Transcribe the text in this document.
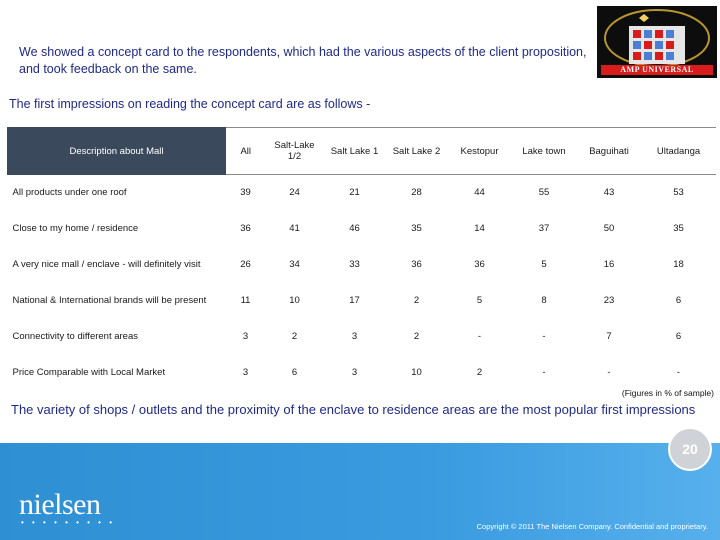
We showed a concept card to the respondents, which had the various aspects of the client proposition, and took feedback on the same.	AMP UNIVERSAL
The first impressions on reading the concept card are as follows -
Description about Mall	All	Salt-Lake 1/2	Salt Lake 1	Salt Lake 2	Kestopur	Lake town	Baguihati	Ultadanga
All products under one roof	39	24	21	28	44	55	43	53
Close to my home / residence	36	41	46	35	14	37	50	35
A very nice mall / enclave - will definitely visit	26	34	33	36	36	5	16	18
National & International brands will be present	11	10	17	2	5	8	23	6
Connectivity to different areas	3	2	3	2	-	-	7	6
Price Comparable with Local Market	3	6	3	10	2	-	-	-
(Figures in % of sample)
The variety of shops / outlets and the proximity of the enclave to residence areas are the most popular first impressions
20
nielsen
• • • • • • • • •	Copyright © 2011 The Nielsen Company. Confidential and proprietary.
